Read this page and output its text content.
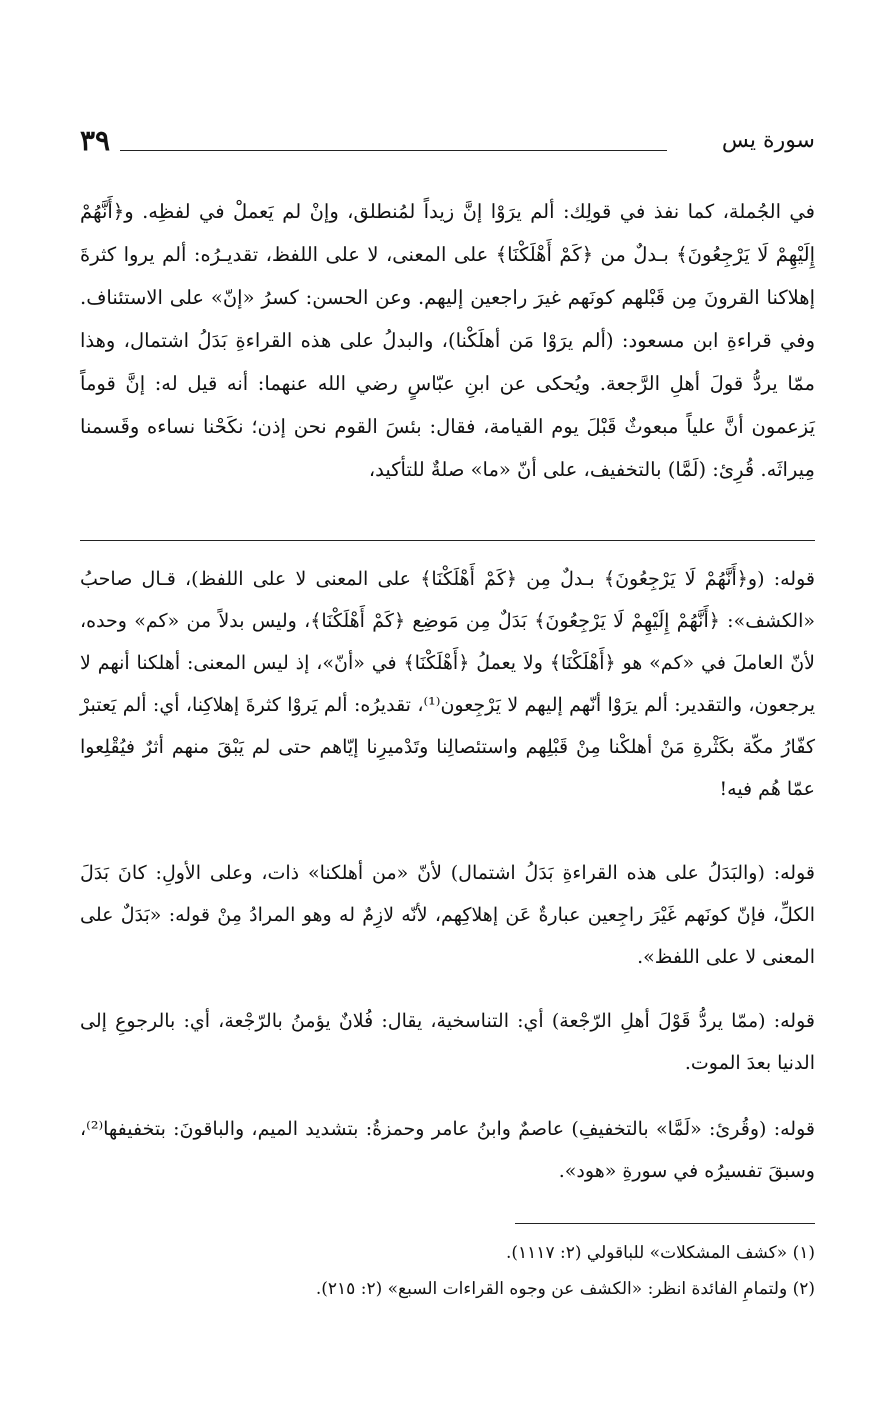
سورة يس
٣٩

في الجُملة، كما نفذ في قولِك: ألم يرَوْا إنَّ زيداً لمُنطلق، وإنْ لم يَعملْ في لفظِه. و﴿أَنَّهُمْ إِلَيْهِمْ لَا يَرْجِعُونَ﴾ بـدلٌ من ﴿كَمْ أَهْلَكْنَا﴾ على المعنى، لا على اللفظ، تقديـرُه: ألم يروا كثرةَ إهلاكنا القرونَ مِن قَبْلهم كونَهم غيرَ راجعين إليهم. وعن الحسن: كسرُ «إنّ» على الاستئناف. وفي قراءةِ ابن مسعود: (ألم يرَوْا مَن أهلَكْنا)، والبدلُ على هذه القراءةِ بَدَلُ اشتمال، وهذا ممّا يردُّ قولَ أهلِ الرَّجعة. ويُحكى عن ابنِ عبّاسٍ رضي الله عنهما: أنه قيل له: إنَّ قوماً يَزعمون أنَّ علياً مبعوثٌ قَبْلَ يوم القيامة، فقال: بئسَ القوم نحن إذن؛ نكَحْنا نساءه وقَسمنا مِيراثَه. قُرِئ: (لَمَّا) بالتخفيف، على أنّ «ما» صلةٌ للتأكيد،

قوله: (و﴿أَنَّهُمْ لَا يَرْجِعُونَ﴾ بـدلٌ مِن ﴿كَمْ أَهْلَكْنَا﴾ على المعنى لا على اللفظ)، قـال صاحبُ «الكشف»: ﴿أَنَّهُمْ إِلَيْهِمْ لَا يَرْجِعُونَ﴾ بَدَلٌ مِن مَوضِع ﴿كَمْ أَهْلَكْنَا﴾، وليس بدلاً من «كم» وحده، لأنّ العاملَ في «كم» هو ﴿أَهْلَكْنَا﴾ ولا يعملُ ﴿أَهْلَكْنَا﴾ في «أنّ»، إذ ليس المعنى: أهلكنا أنهم لا يرجعون، والتقدير: ألم يرَوْا أنّهم إليهم لا يَرْجِعون⁽¹⁾، تقديرُه: ألم يَروْا كثرةَ إهلاكِنا، أي: ألم يَعتبرْ كفّارُ مكّة بكَثْرةِ مَنْ أهلكْنا مِنْ قَبْلِهم واستئصالِنا وتَدْميرِنا إيّاهم حتى لم يَبْقَ منهم أثرٌ فيُقْلِعوا عمّا هُم فيه!

قوله: (والبَدَلُ على هذه القراءةِ بَدَلُ اشتمال) لأنّ «من أهلكنا» ذات، وعلى الأولِ: كانَ بَدَلَ الكلِّ، فإنّ كونَهم غَيْرَ راجِعين عبارةٌ عَن إهلاكِهم، لأنّه لازِمٌ له وهو المرادُ مِنْ قوله: «بَدَلٌ على المعنى لا على اللفظ».

قوله: (ممّا يردُّ قَوْلَ أهلِ الرّجْعة) أي: التناسخية، يقال: فُلانٌ يؤمنُ بالرّجْعة، أي: بالرجوعِ إلى الدنيا بعدَ الموت.

قوله: (وقُرئ: «لَمَّا» بالتخفيفِ) عاصمٌ وابنُ عامر وحمزةُ: بتشديد الميم، والباقونَ: بتخفيفها⁽²⁾، وسبقَ تفسيرُه في سورةِ «هود».

(١) «كشف المشكلات» للباقولي (٢: ١١١٧).

(٢) ولتمامِ الفائدة انظر: «الكشف عن وجوه القراءات السبع» (٢: ٢١٥).
